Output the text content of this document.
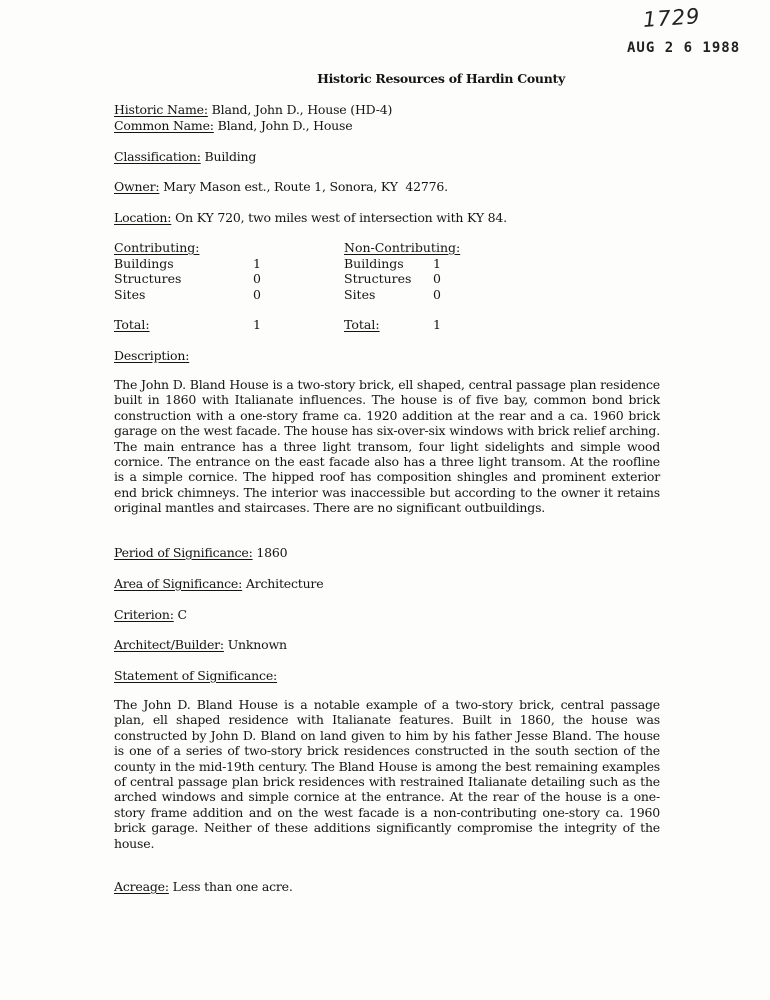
1729
AUG 2 6 1988
Historic Resources of Hardin County
Historic Name: Bland, John D., House (HD-4)
Common Name: Bland, John D., House
Classification: Building
Owner: Mary Mason est., Route 1, Sonora, KY  42776.
Location: On KY 720, two miles west of intersection with KY 84.
Contributing:
Buildings	1
Structures	0
Sites	0
Total:	1
Non-Contributing:
Buildings 1
Structures 0
Sites	0
Total:	1
Description:
The John D. Bland House is a two-story brick, ell shaped, central passage plan residence built in 1860 with Italianate influences. The house is of five bay, common bond brick construction with a one-story frame ca. 1920 addition at the rear and a ca. 1960 brick garage on the west facade. The house has six-over-six windows with brick relief arching. The main entrance has a three light transom, four light sidelights and simple wood cornice. The entrance on the east facade also has a three light transom. At the roofline is a simple cornice. The hipped roof has composition shingles and prominent exterior end brick chimneys. The interior was inaccessible but according to the owner it retains original mantles and staircases. There are no significant outbuildings.
Period of Significance: 1860
Area of Significance: Architecture
Criterion: C
Architect/Builder: Unknown
Statement of Significance:
The John D. Bland House is a notable example of a two-story brick, central passage plan, ell shaped residence with Italianate features. Built in 1860, the house was constructed by John D. Bland on land given to him by his father Jesse Bland. The house is one of a series of two-story brick residences constructed in the south section of the county in the mid-19th century. The Bland House is among the best remaining examples of central passage plan brick residences with restrained Italianate detailing such as the arched windows and simple cornice at the entrance. At the rear of the house is a one-story frame addition and on the west facade is a non-contributing one-story ca. 1960 brick garage. Neither of these additions significantly compromise the integrity of the house.
Acreage: Less than one acre.
